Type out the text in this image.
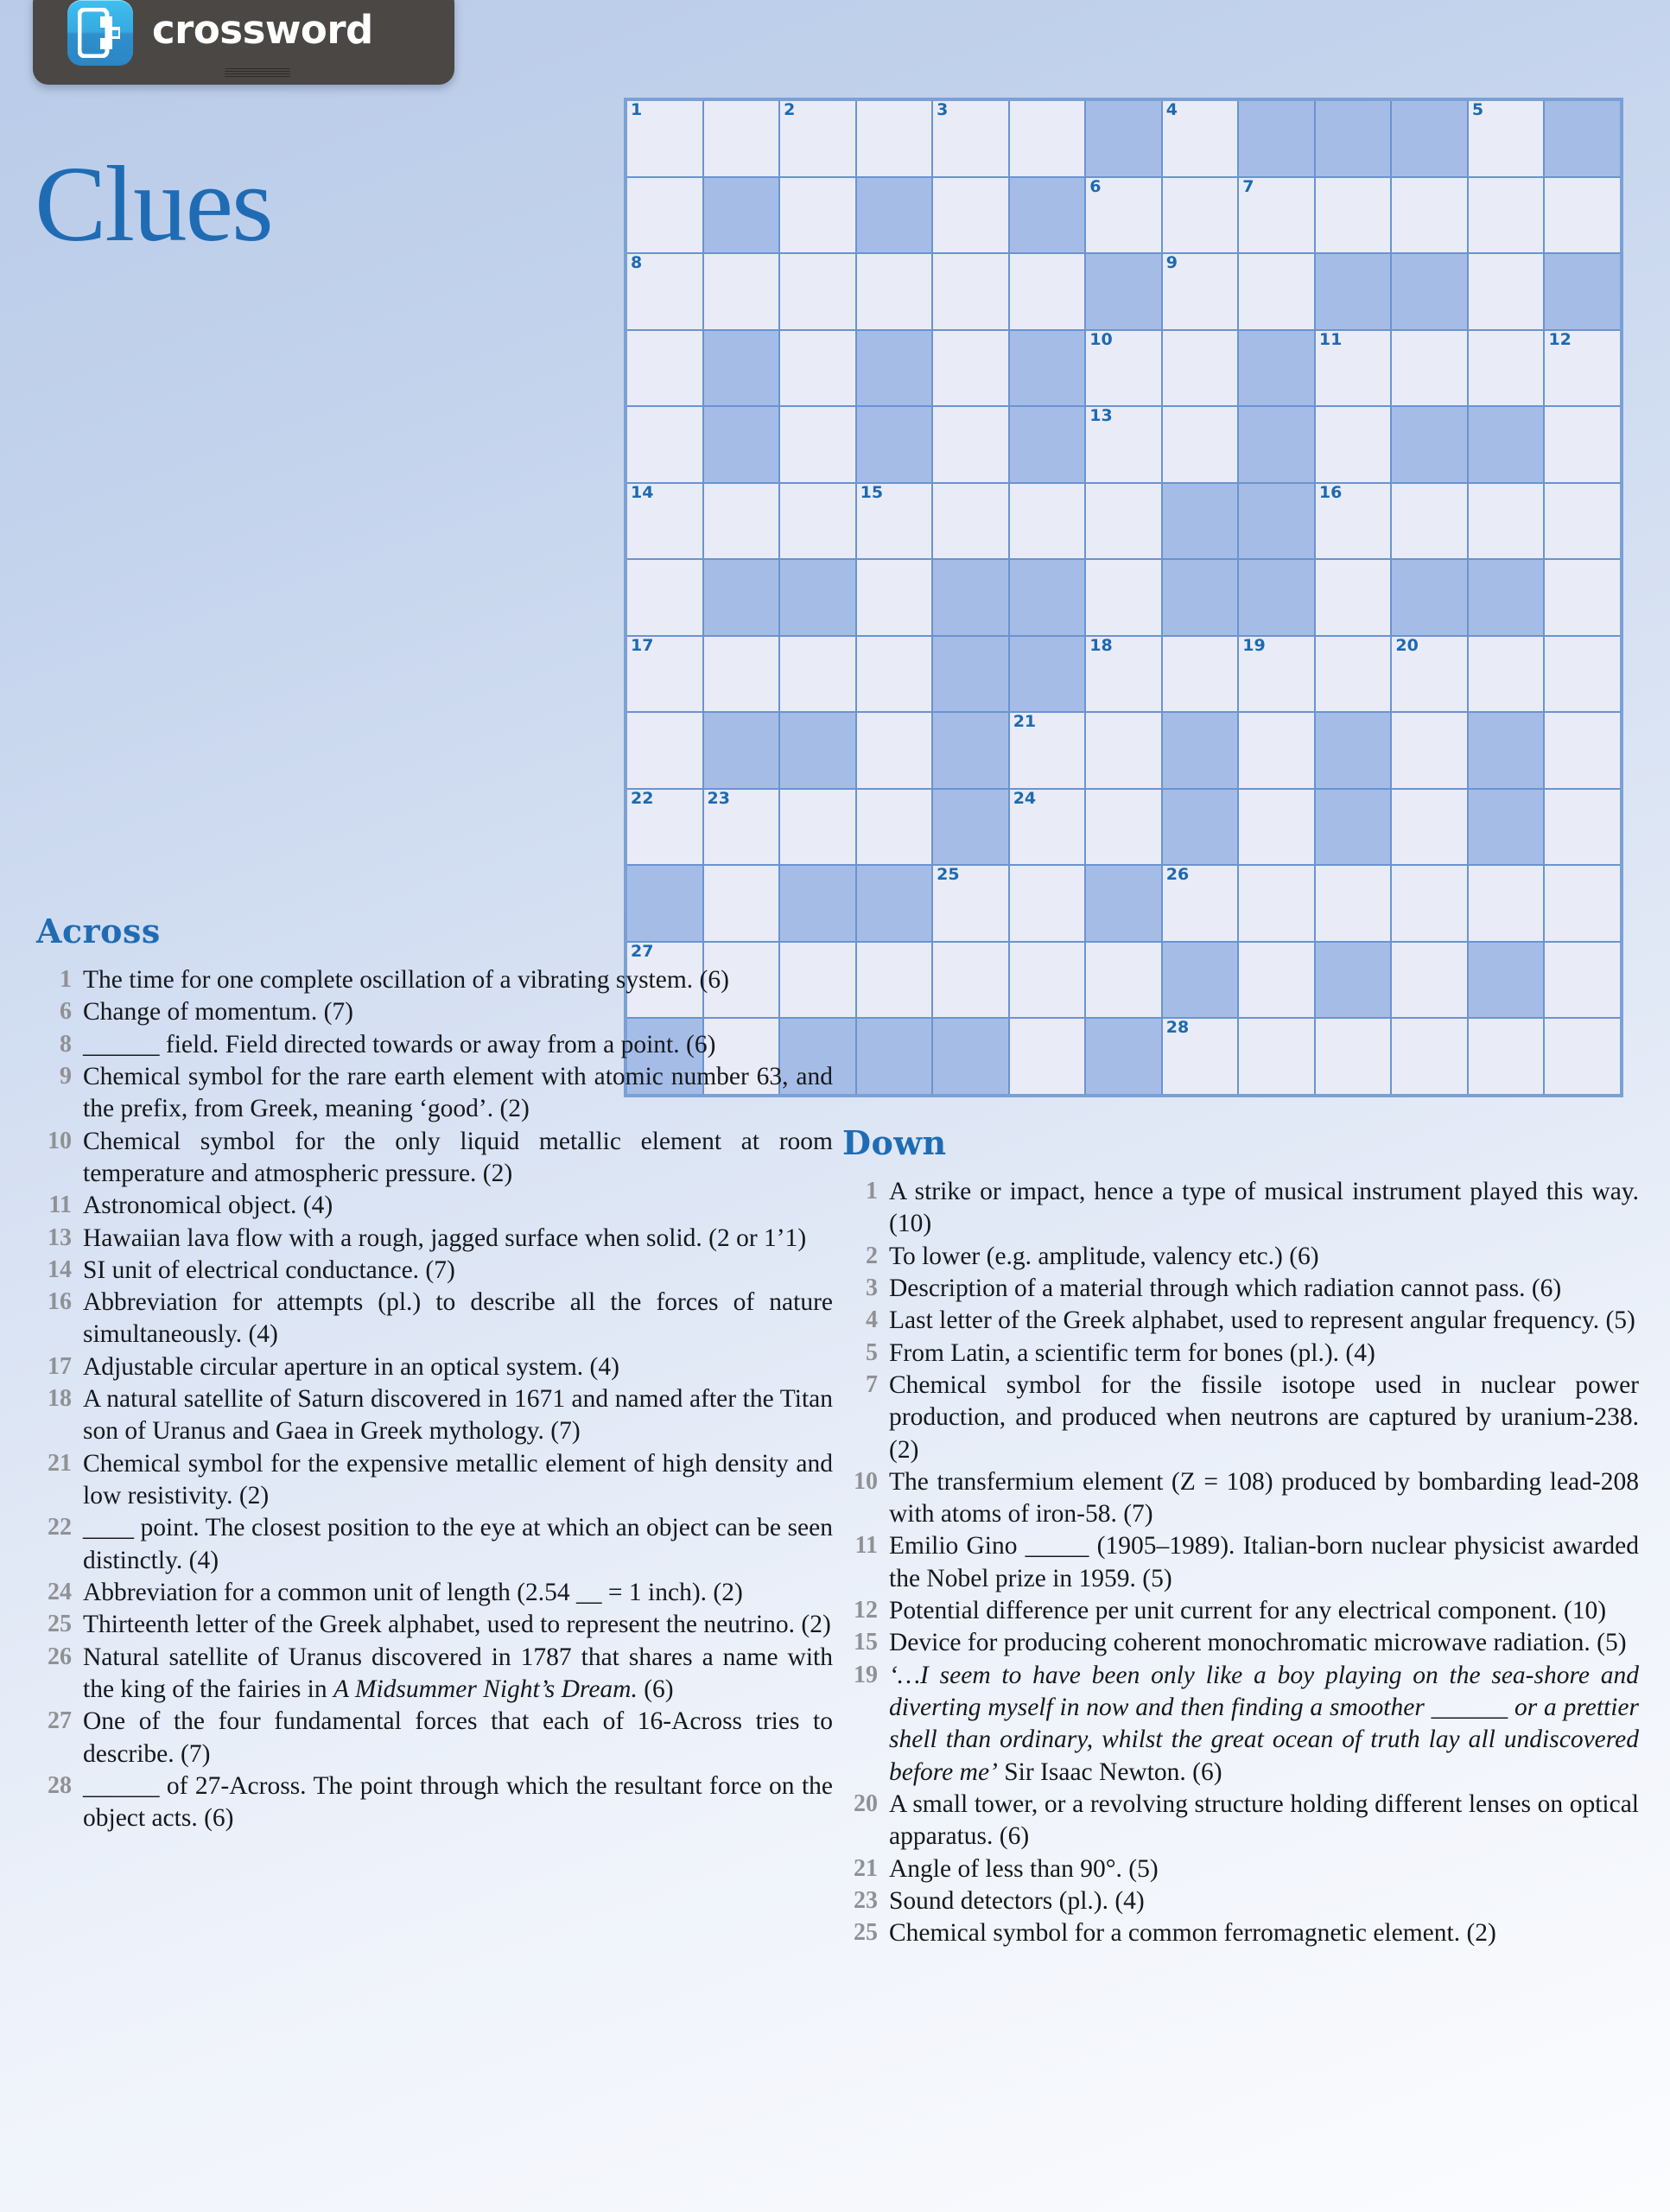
crossword
Clues
1	2	3	4	5
6	7
8	9
10	11	12
13
14	15	16
17	18	19	20
21
22	23	24
25	26
27
28
Across
1 The time for one complete oscillation of a vibrating system. (6)
6 Change of momentum. (7)
8 ______ field. Field directed towards or away from a point. (6)
9 Chemical symbol for the rare earth element with atomic number 63, and the prefix, from Greek, meaning ‘good’. (2)
10 Chemical symbol for the only liquid metallic element at room temperature and atmospheric pressure. (2)
11 Astronomical object. (4)
13 Hawaiian lava flow with a rough, jagged surface when solid. (2 or 1’1)
14 SI unit of electrical conductance. (7)
16 Abbreviation for attempts (pl.) to describe all the forces of nature simultaneously. (4)
17 Adjustable circular aperture in an optical system. (4)
18 A natural satellite of Saturn discovered in 1671 and named after the Titan son of Uranus and Gaea in Greek mythology. (7)
21 Chemical symbol for the expensive metallic element of high density and low resistivity. (2)
22 ____ point. The closest position to the eye at which an object can be seen distinctly. (4)
24 Abbreviation for a common unit of length (2.54 __ = 1 inch). (2)
25 Thirteenth letter of the Greek alphabet, used to represent the neutrino. (2)
26 Natural satellite of Uranus discovered in 1787 that shares a name with the king of the fairies in A Midsummer Night’s Dream. (6)
27 One of the four fundamental forces that each of 16-Across tries to describe. (7)
28 ______ of 27-Across. The point through which the resultant force on the object acts. (6)
Down
1 A strike or impact, hence a type of musical instrument played this way. (10)
2 To lower (e.g. amplitude, valency etc.) (6)
3 Description of a material through which radiation cannot pass. (6)
4 Last letter of the Greek alphabet, used to represent angular frequency. (5)
5 From Latin, a scientific term for bones (pl.). (4)
7 Chemical symbol for the fissile isotope used in nuclear power production, and produced when neutrons are captured by uranium-238. (2)
10 The transfermium element (Z = 108) produced by bombarding lead-208 with atoms of iron-58. (7)
11 Emilio Gino _____ (1905–1989). Italian-born nuclear physicist awarded the Nobel prize in 1959. (5)
12 Potential difference per unit current for any electrical component. (10)
15 Device for producing coherent monochromatic microwave radiation. (5)
19 ‘…I seem to have been only like a boy playing on the sea-shore and diverting myself in now and then finding a smoother ______ or a prettier shell than ordinary, whilst the great ocean of truth lay all undiscovered before me’ Sir Isaac Newton. (6)
20 A small tower, or a revolving structure holding different lenses on optical apparatus. (6)
21 Angle of less than 90°. (5)
23 Sound detectors (pl.). (4)
25 Chemical symbol for a common ferromagnetic element. (2)
